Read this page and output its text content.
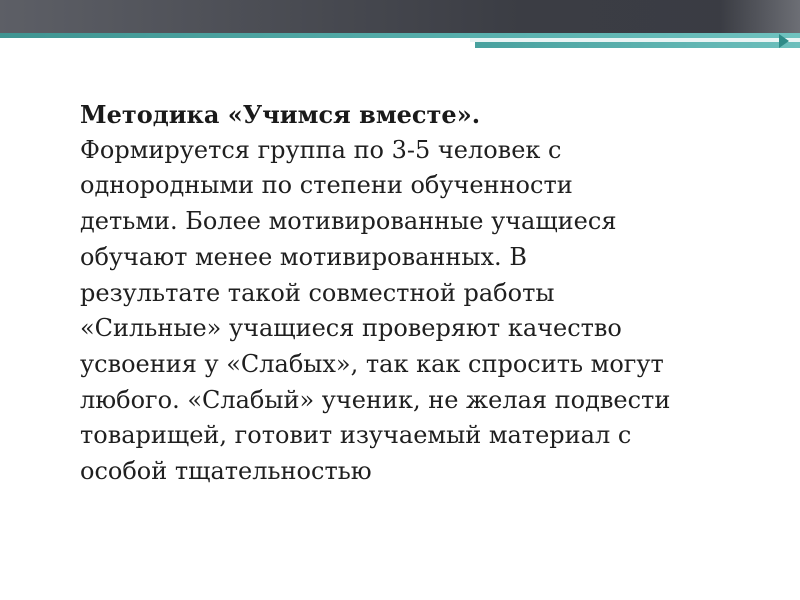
Методика «Учимся вместе».
Формируется группа по 3-5 человек с
однородными по степени обученности
детьми. Более мотивированные учащиеся
обучают менее мотивированных. В
результате такой совместной работы
«Сильные» учащиеся проверяют качество
усвоения у «Слабых», так как спросить могут
любого. «Слабый» ученик, не желая подвести
товарищей, готовит изучаемый материал с
особой тщательностью
